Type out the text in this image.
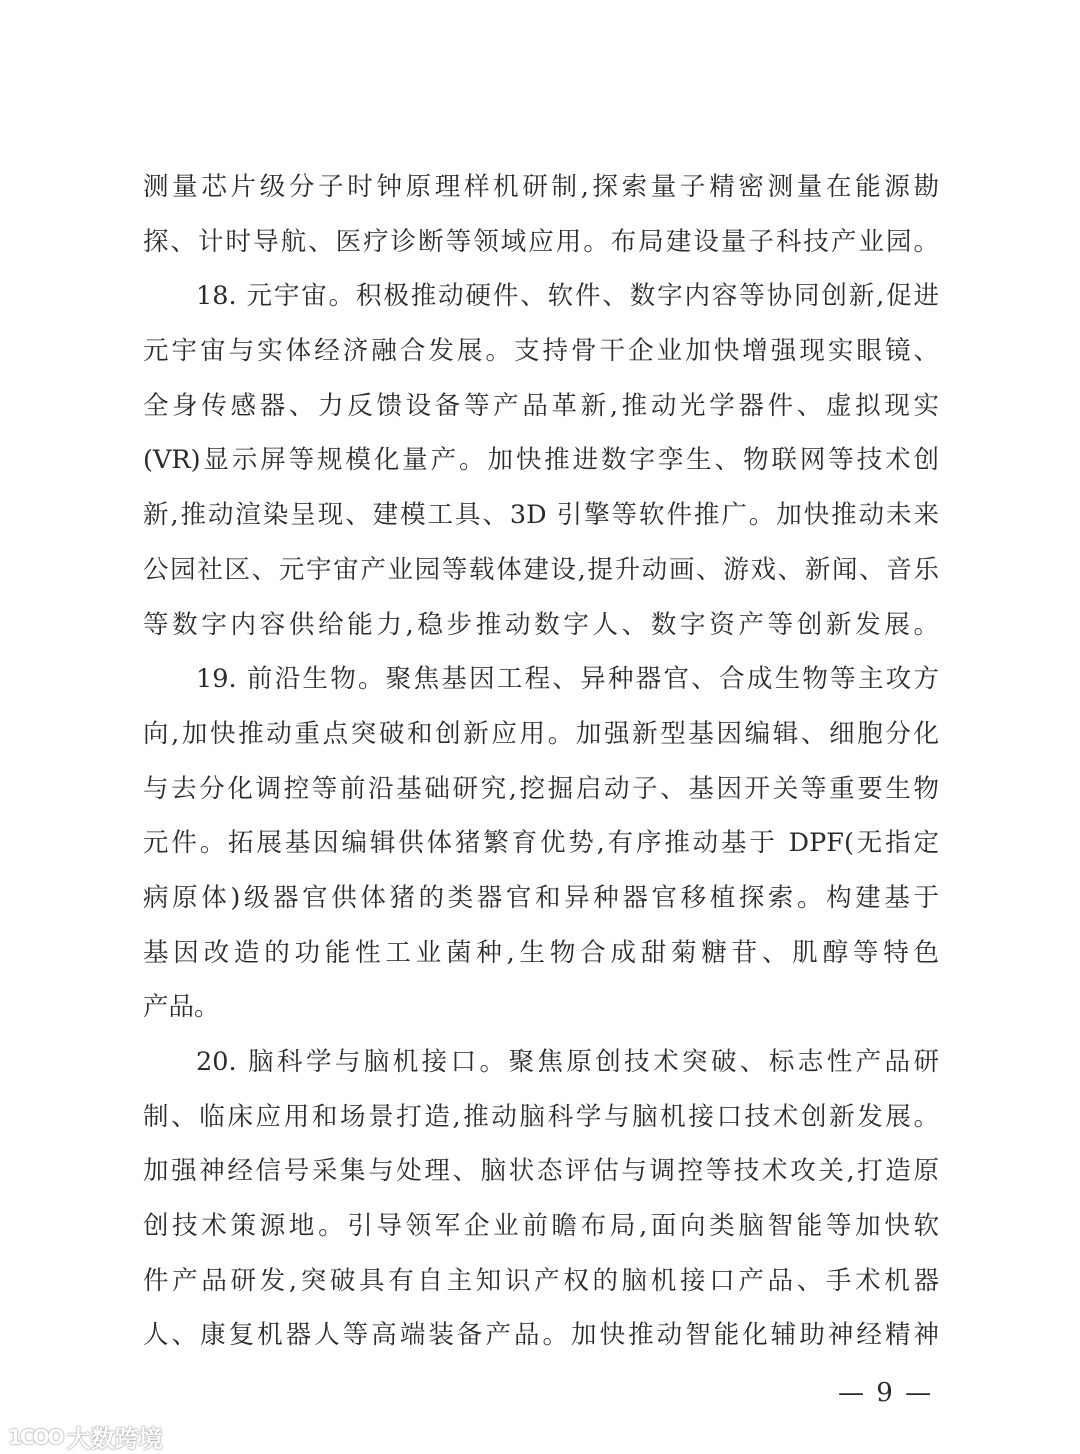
测量芯片级分子时钟原理样机研制,探索量子精密测量在能源勘
探、计时导航、医疗诊断等领域应用。布局建设量子科技产业园。
18. 元宇宙。积极推动硬件、软件、数字内容等协同创新,促进
元宇宙与实体经济融合发展。支持骨干企业加快增强现实眼镜、
全身传感器、力反馈设备等产品革新,推动光学器件、虚拟现实
(VR)显示屏等规模化量产。加快推进数字孪生、物联网等技术创
新,推动渲染呈现、建模工具、3D 引擎等软件推广。加快推动未来
公园社区、元宇宙产业园等载体建设,提升动画、游戏、新闻、音乐
等数字内容供给能力,稳步推动数字人、数字资产等创新发展。
19. 前沿生物。聚焦基因工程、异种器官、合成生物等主攻方
向,加快推动重点突破和创新应用。加强新型基因编辑、细胞分化
与去分化调控等前沿基础研究,挖掘启动子、基因开关等重要生物
元件。拓展基因编辑供体猪繁育优势,有序推动基于 DPF(无指定
病原体)级器官供体猪的类器官和异种器官移植探索。构建基于
基因改造的功能性工业菌种,生物合成甜菊糖苷、肌醇等特色
产品。
20. 脑科学与脑机接口。聚焦原创技术突破、标志性产品研
制、临床应用和场景打造,推动脑科学与脑机接口技术创新发展。
加强神经信号采集与处理、脑状态评估与调控等技术攻关,打造原
创技术策源地。引导领军企业前瞻布局,面向类脑智能等加快软
件产品研发,突破具有自主知识产权的脑机接口产品、手术机器
人、康复机器人等高端装备产品。加快推动智能化辅助神经精神
— 9 —
1COO 大数跨境
